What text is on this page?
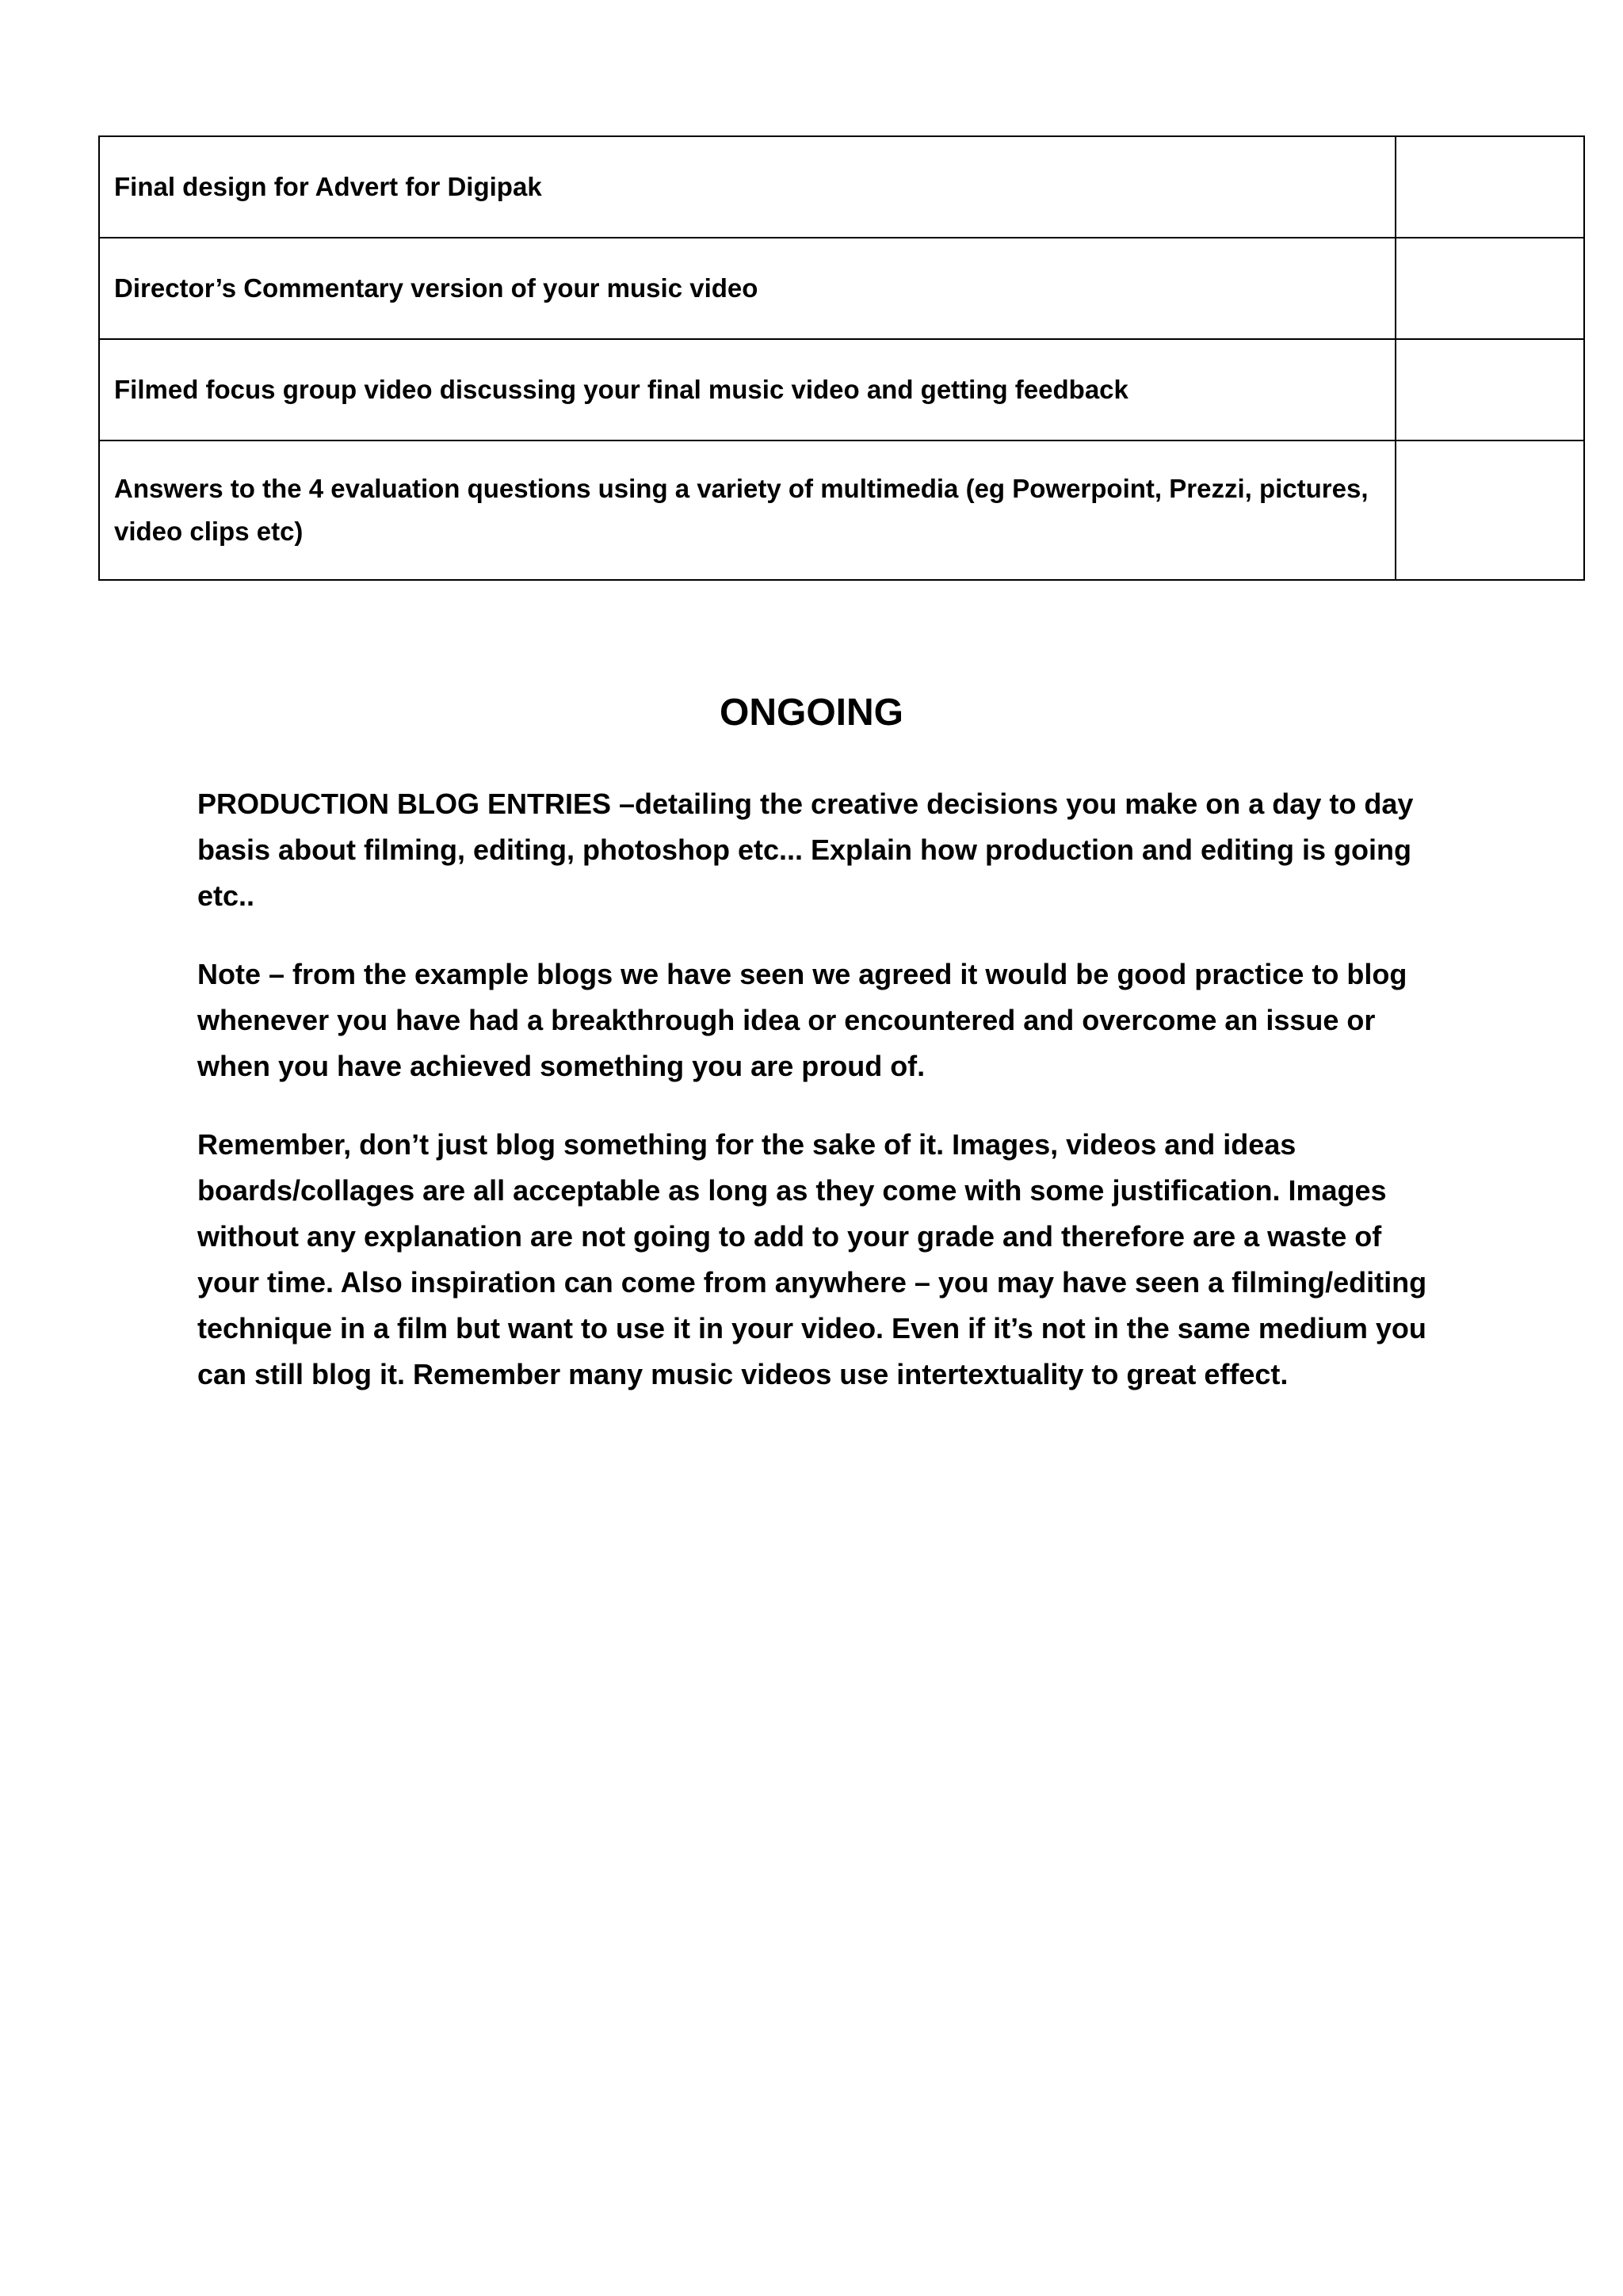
Final design for Advert for Digipak	
Director’s Commentary version of your music video	
Filmed focus group video discussing your final music video and getting feedback	
Answers to the 4 evaluation questions using a variety of multimedia (eg Powerpoint, Prezzi, pictures, video clips etc)	
ONGOING

PRODUCTION BLOG ENTRIES –detailing the creative decisions you make on a day to day basis about filming, editing, photoshop etc... Explain how production and editing is going etc..

Note – from the example blogs we have seen we agreed it would be good practice to blog whenever you have had a breakthrough idea or encountered and overcome an issue or when you have achieved something you are proud of.

Remember, don’t just blog something for the sake of it. Images, videos and ideas boards/collages are all acceptable as long as they come with some justification. Images without any explanation are not going to add to your grade and therefore are a waste of your time. Also inspiration can come from anywhere – you may have seen a filming/editing technique in a film but want to use it in your video. Even if it’s not in the same medium you can still blog it. Remember many music videos use intertextuality to great effect.
